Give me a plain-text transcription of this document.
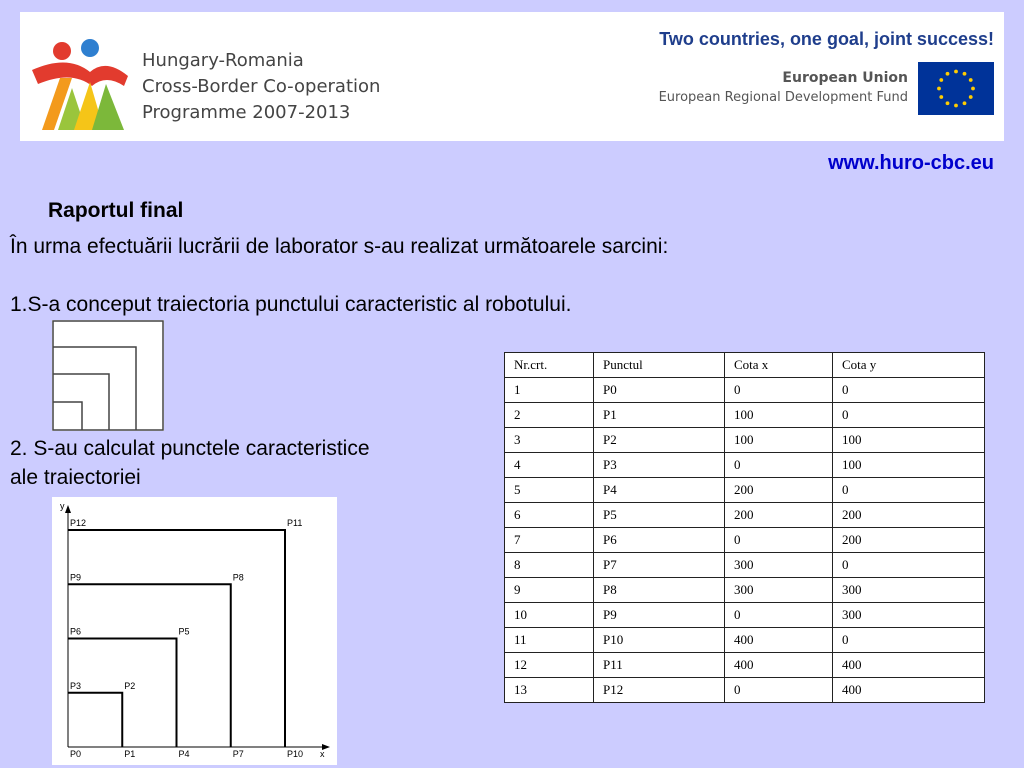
Hungary-Romania
Cross-Border Co-operation
Programme 2007-2013
Two countries, one goal, joint success!
European Union
European Regional Development Fund
www.huro-cbc.eu
Raportul final
În urma efectuării lucrării de laborator s-au realizat următoarele sarcini:
1.S-a conceput traiectoria punctului caracteristic al robotului.
2. S-au calculat punctele caracteristice
ale traiectoriei
P0	P1
P2
P3
P4
P5
P6
P7
P8
P9
P10
P11
P12
x
y
Nr.crt.	Punctul	Cota x	Cota y
1	P0	0	0
2	P1	100	0
3	P2	100	100
4	P3	0	100
5	P4	200	0
6	P5	200	200
7	P6	0	200
8	P7	300	0
9	P8	300	300
10	P9	0	300
11	P10	400	0
12	P11	400	400
13	P12	0	400
